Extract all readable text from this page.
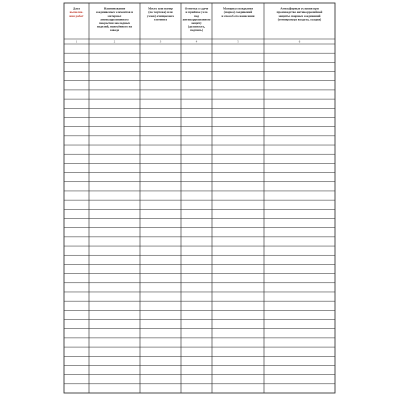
Дата
выполне-
ния работ
1
Наименование
соединяемых элементов и
материал
антикоррозионного
покрытия закладных
изделий, нанесённого на
заводе
2
Место или номер
(по чертеже) или
узлов) очищаемого
элемента
3
Отметка о сдаче
и приёмке узла
под
антикоррозионную
защиту
(должность,
подпись)
4
Материал покрытия
(марка) соединений
и способ его нанесения
5
Атмосферные условия при
производстве антикоррозийной
защиты сварных соединений
(температура воздуха, осадки)
6
